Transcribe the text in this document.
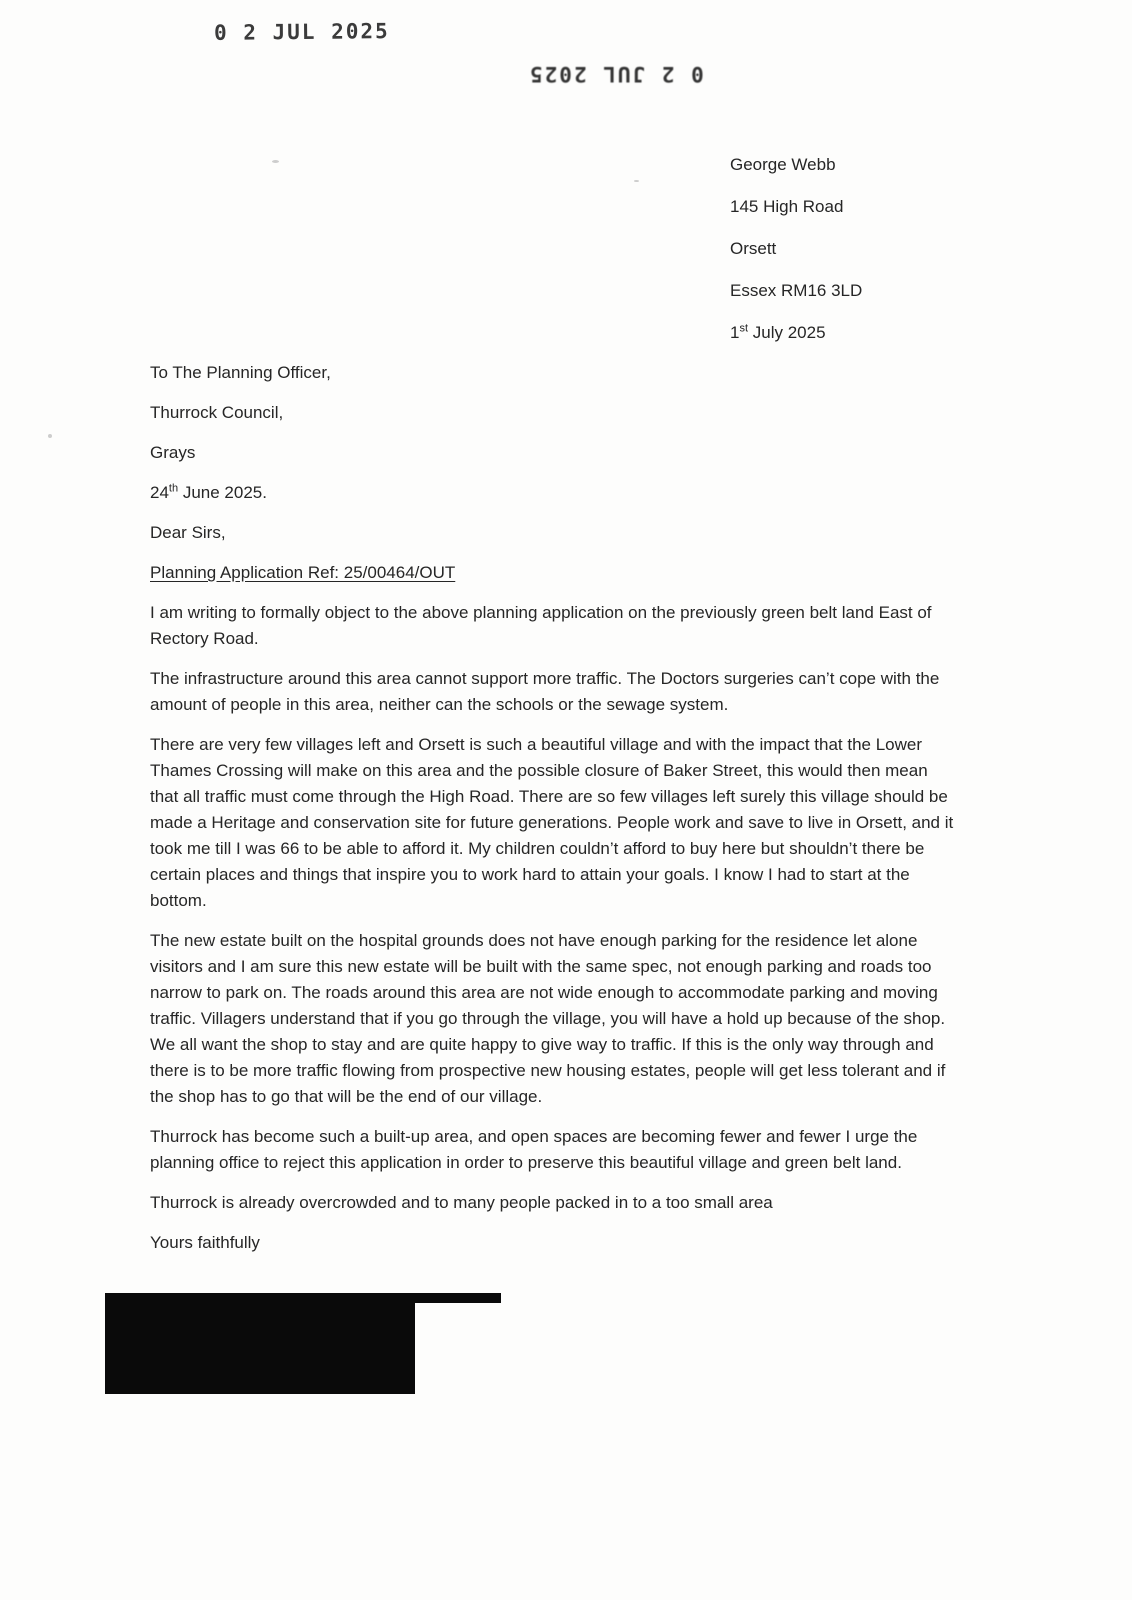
0 2 JUL 2025
0 2 JUL 2025
George Webb
145 High Road
Orsett
Essex RM16 3LD
1st July 2025
To The Planning Officer,
Thurrock Council,
Grays
24th June 2025.
Dear Sirs,
Planning Application Ref: 25/00464/OUT

I am writing to formally object to the above planning application on the previously green belt land East of Rectory Road.

The infrastructure around this area cannot support more traffic. The Doctors surgeries can’t cope with the amount of people in this area, neither can the schools or the sewage system.

There are very few villages left and Orsett is such a beautiful village and with the impact that the Lower Thames Crossing will make on this area and the possible closure of Baker Street, this would then mean that all traffic must come through the High Road. There are so few villages left surely this village should be made a Heritage and conservation site for future generations. People work and save to live in Orsett, and it took me till I was 66 to be able to afford it. My children couldn’t afford to buy here but shouldn’t there be certain places and things that inspire you to work hard to attain your goals. I know I had to start at the bottom.

The new estate built on the hospital grounds does not have enough parking for the residence let alone visitors and I am sure this new estate will be built with the same spec, not enough parking and roads too narrow to park on. The roads around this area are not wide enough to accommodate parking and moving traffic. Villagers understand that if you go through the village, you will have a hold up because of the shop. We all want the shop to stay and are quite happy to give way to traffic. If this is the only way through and there is to be more traffic flowing from prospective new housing estates, people will get less tolerant and if the shop has to go that will be the end of our village.

Thurrock has become such a built-up area, and open spaces are becoming fewer and fewer I urge the planning office to reject this application in order to preserve this beautiful village and green belt land.

Thurrock is already overcrowded and to many people packed in to a too small area

Yours faithfully
